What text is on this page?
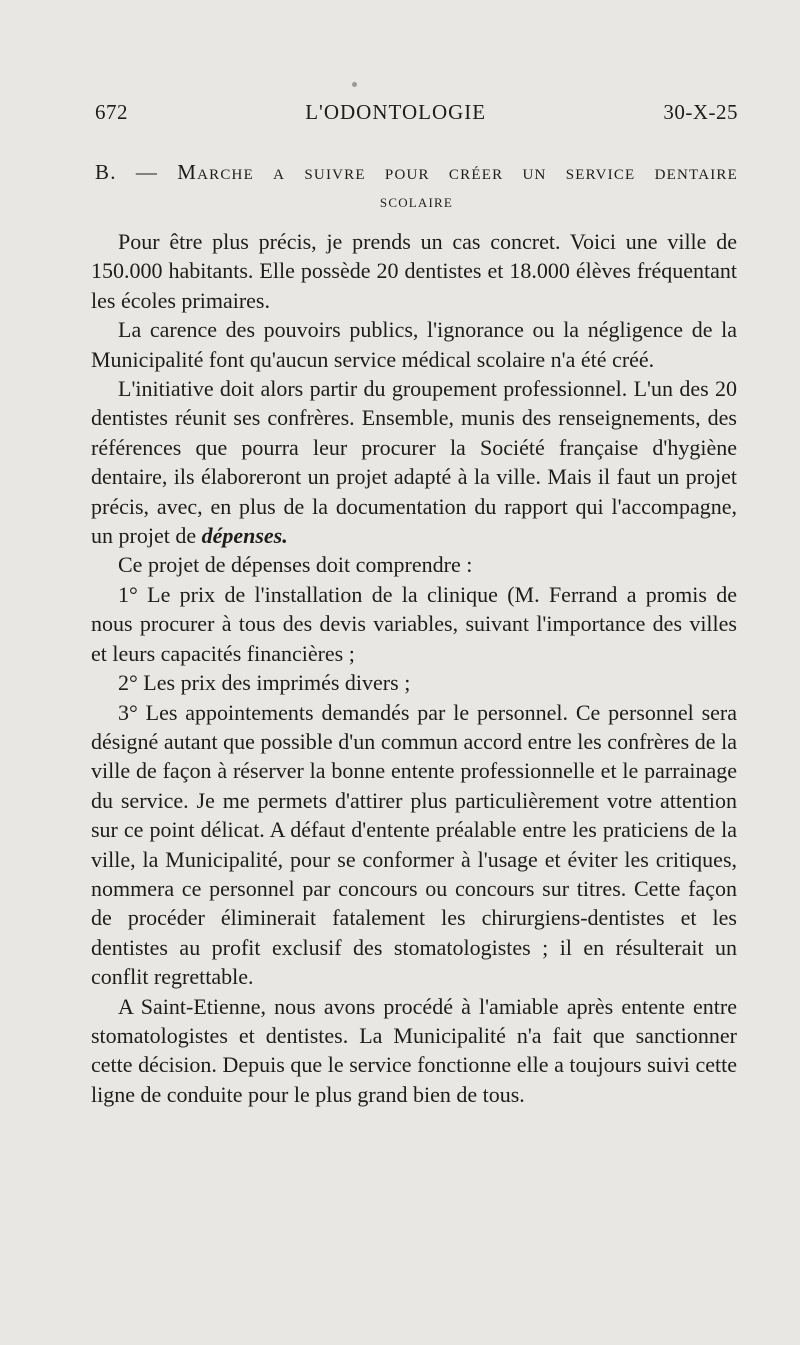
672	L'ODONTOLOGIE	30-X-25
B. — Marche a suivre pour créer un service dentaire
scolaire

Pour être plus précis, je prends un cas concret. Voici une ville de 150.000 habitants. Elle possède 20 dentistes et 18.000 élèves fréquentant les écoles primaires.

La carence des pouvoirs publics, l'ignorance ou la négligence de la Municipalité font qu'aucun service médical scolaire n'a été créé.

L'initiative doit alors partir du groupement professionnel. L'un des 20 dentistes réunit ses confrères. Ensemble, munis des renseignements, des références que pourra leur procurer la Société française d'hygiène dentaire, ils élaboreront un projet adapté à la ville. Mais il faut un projet précis, avec, en plus de la documentation du rapport qui l'accompagne, un projet de dépenses.

Ce projet de dépenses doit comprendre :

1° Le prix de l'installation de la clinique (M. Ferrand a promis de nous procurer à tous des devis variables, suivant l'importance des villes et leurs capacités financières ;

2° Les prix des imprimés divers ;

3° Les appointements demandés par le personnel. Ce personnel sera désigné autant que possible d'un commun accord entre les confrères de la ville de façon à réserver la bonne entente professionnelle et le parrainage du service. Je me permets d'attirer plus particulièrement votre attention sur ce point délicat. A défaut d'entente préalable entre les praticiens de la ville, la Municipalité, pour se conformer à l'usage et éviter les critiques, nommera ce personnel par concours ou concours sur titres. Cette façon de procéder éliminerait fatalement les chirurgiens-dentistes et les dentistes au profit exclusif des stomatologistes ; il en résulterait un conflit regrettable.

A Saint-Etienne, nous avons procédé à l'amiable après entente entre stomatologistes et dentistes. La Municipalité n'a fait que sanctionner cette décision. Depuis que le service fonctionne elle a toujours suivi cette ligne de conduite pour le plus grand bien de tous.
